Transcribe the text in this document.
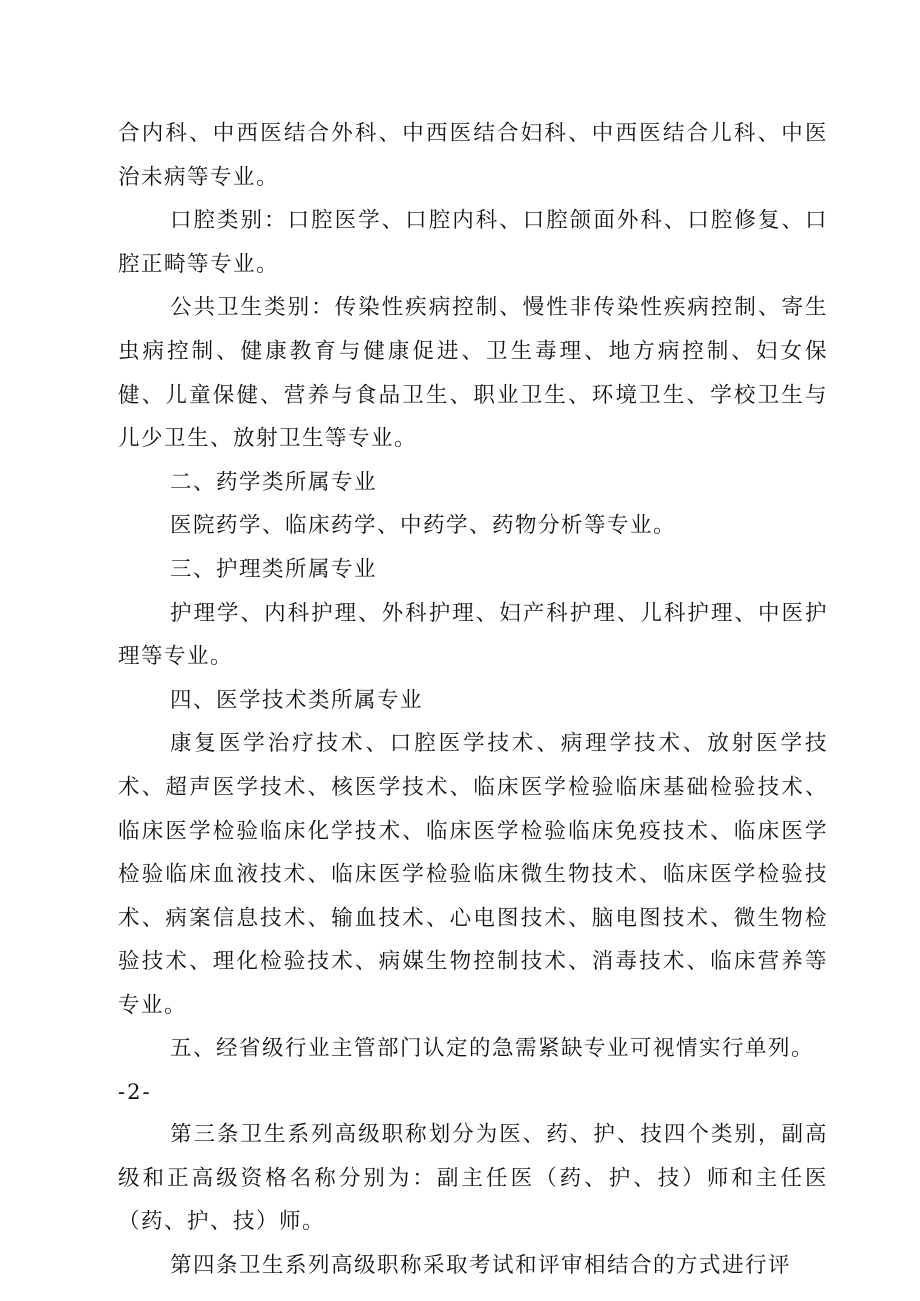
合内科、中西医结合外科、中西医结合妇科、中西医结合儿科、中医治未病等专业。

口腔类别：口腔医学、口腔内科、口腔颌面外科、口腔修复、口腔正畸等专业。

公共卫生类别：传染性疾病控制、慢性非传染性疾病控制、寄生虫病控制、健康教育与健康促进、卫生毒理、地方病控制、妇女保健、儿童保健、营养与食品卫生、职业卫生、环境卫生、学校卫生与儿少卫生、放射卫生等专业。

二、药学类所属专业

医院药学、临床药学、中药学、药物分析等专业。

三、护理类所属专业

护理学、内科护理、外科护理、妇产科护理、儿科护理、中医护理等专业。

四、医学技术类所属专业

康复医学治疗技术、口腔医学技术、病理学技术、放射医学技术、超声医学技术、核医学技术、临床医学检验临床基础检验技术、临床医学检验临床化学技术、临床医学检验临床免疫技术、临床医学检验临床血液技术、临床医学检验临床微生物技术、临床医学检验技术、病案信息技术、输血技术、心电图技术、脑电图技术、微生物检验技术、理化检验技术、病媒生物控制技术、消毒技术、临床营养等专业。

五、经省级行业主管部门认定的急需紧缺专业可视情实行单列。

-2-

第三条卫生系列高级职称划分为医、药、护、技四个类别，副高级和正高级资格名称分别为：副主任医（药、护、技）师和主任医（药、护、技）师。

第四条卫生系列高级职称采取考试和评审相结合的方式进行评
